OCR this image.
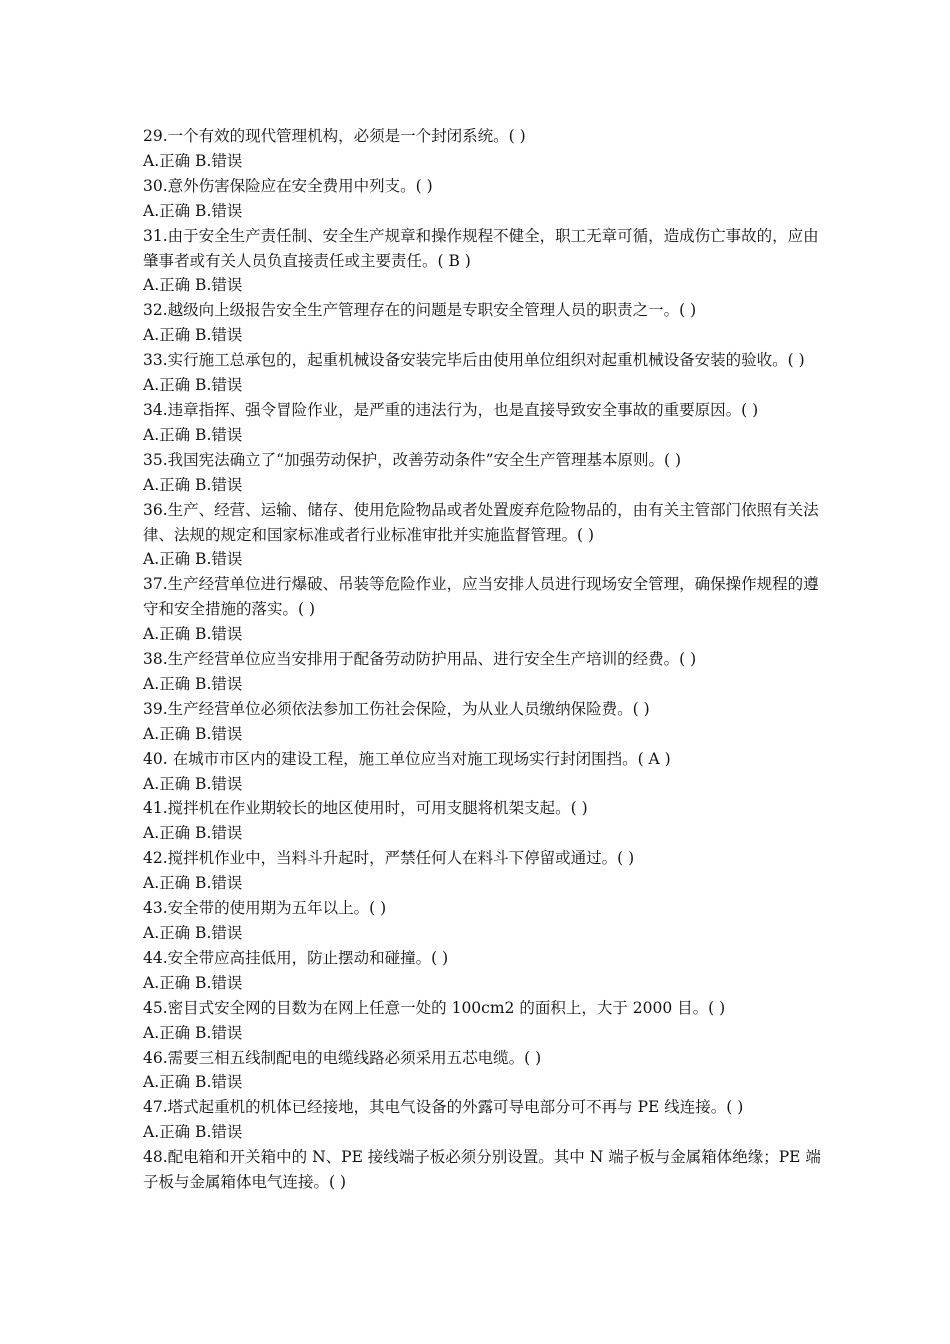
29.一个有效的现代管理机构，必须是一个封闭系统。( )

A.正确 B.错误

30.意外伤害保险应在安全费用中列支。( )

A.正确 B.错误

31.由于安全生产责任制、安全生产规章和操作规程不健全，职工无章可循，造成伤亡事故的，应由肇事者或有关人员负直接责任或主要责任。( B )

A.正确 B.错误

32.越级向上级报告安全生产管理存在的问题是专职安全管理人员的职责之一。( )

A.正确 B.错误

33.实行施工总承包的，起重机械设备安装完毕后由使用单位组织对起重机械设备安装的验收。( )

A.正确 B.错误

34.违章指挥、强令冒险作业，是严重的违法行为，也是直接导致安全事故的重要原因。( )

A.正确 B.错误

35.我国宪法确立了“加强劳动保护，改善劳动条件”安全生产管理基本原则。( )

A.正确 B.错误

36.生产、经营、运输、储存、使用危险物品或者处置废弃危险物品的，由有关主管部门依照有关法律、法规的规定和国家标准或者行业标准审批并实施监督管理。( )

A.正确 B.错误

37.生产经营单位进行爆破、吊装等危险作业，应当安排人员进行现场安全管理，确保操作规程的遵守和安全措施的落实。( )

A.正确 B.错误

38.生产经营单位应当安排用于配备劳动防护用品、进行安全生产培训的经费。( )

A.正确 B.错误

39.生产经营单位必须依法参加工伤社会保险，为从业人员缴纳保险费。( )

A.正确 B.错误

40. 在城市市区内的建设工程，施工单位应当对施工现场实行封闭围挡。( A )

A.正确 B.错误

41.搅拌机在作业期较长的地区使用时，可用支腿将机架支起。( )

A.正确 B.错误

42.搅拌机作业中，当料斗升起时，严禁任何人在料斗下停留或通过。( )

A.正确 B.错误

43.安全带的使用期为五年以上。( )

A.正确 B.错误

44.安全带应高挂低用，防止摆动和碰撞。( )

A.正确 B.错误

45.密目式安全网的目数为在网上任意一处的 100cm2 的面积上，大于 2000 目。( )

A.正确 B.错误

46.需要三相五线制配电的电缆线路必须采用五芯电缆。( )

A.正确 B.错误

47.塔式起重机的机体已经接地，其电气设备的外露可导电部分可不再与 PE 线连接。( )

A.正确 B.错误

48.配电箱和开关箱中的 N、PE 接线端子板必须分别设置。其中 N 端子板与金属箱体绝缘；PE 端子板与金属箱体电气连接。( )
